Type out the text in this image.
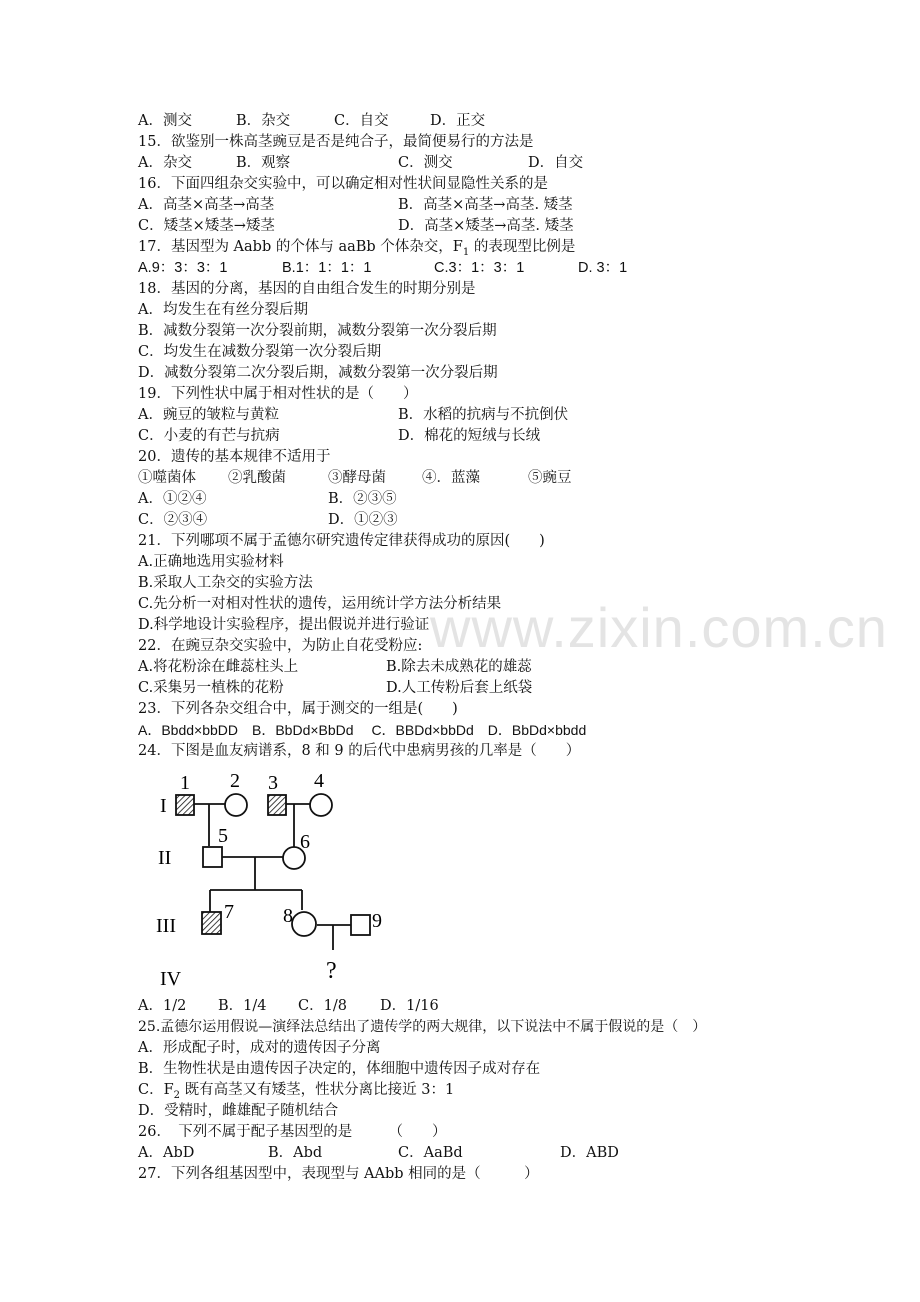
www.zixin.com.cn
A．测交	B．杂交	C．自交	D．正交
15．欲鉴别一株高茎豌豆是否是纯合子，最简便易行的方法是
A．杂交	B．观察	C．测交	D．自交
16．下面四组杂交实验中，可以确定相对性状间显隐性关系的是
A．高茎×高茎→高茎	B．高茎×高茎→高茎. 矮茎
C．矮茎×矮茎→矮茎	D．高茎×矮茎→高茎. 矮茎
17．基因型为 Aabb 的个体与 aaBb 个体杂交，$F_1$ 的表现型比例是
A.9：3：3：1	B.1：1：1：1	C.3：1：3：1	D. 3：1
18．基因的分离，基因的自由组合发生的时期分别是
A．均发生在有丝分裂后期
B．减数分裂第一次分裂前期，减数分裂第一次分裂后期
C．均发生在减数分裂第一次分裂后期
D．减数分裂第二次分裂后期，减数分裂第一次分裂后期
19．下列性状中属于相对性状的是（　　）
A．豌豆的皱粒与黄粒	B．水稻的抗病与不抗倒伏
C．小麦的有芒与抗病	D．棉花的短绒与长绒
20．遗传的基本规律不适用于
①噬菌体 ②乳酸菌	③酵母菌 ④．蓝藻	⑤豌豆
A．①②④	B．②③⑤
C．②③④	D．①②③
21．下列哪项不属于孟德尔研究遗传定律获得成功的原因(　　)
A.正确地选用实验材料
B.采取人工杂交的实验方法
C.先分析一对相对性状的遗传，运用统计学方法分析结果
D.科学地设计实验程序，提出假说并进行验证
22．在豌豆杂交实验中，为防止自花受粉应:
A.将花粉涂在雌蕊柱头上	B.除去未成熟花的雄蕊
C.采集另一植株的花粉	D.人工传粉后套上纸袋
23．下列各杂交组合中，属于测交的一组是(　　)
A．Bbdd×bbDD　B．BbDd×BbDd　 C．BBDd×bbDd　D．BbDd×bbdd
24．下图是血友病谱系，8 和 9 的后代中患病男孩的几率是（　　）
I
II
III
IV
1 2 3 4
5	6
7 8	9
?
A．1/2 B．1/4 C．1/8 D．1/16
25.孟德尔运用假说—演绎法总结出了遗传学的两大规律，以下说法中不属于假说的是（　）
A．形成配子时，成对的遗传因子分离
B．生物性状是由遗传因子决定的，体细胞中遗传因子成对存在
C．$F_2$ 既有高茎又有矮茎，性状分离比接近 3：1
D．受精时，雌雄配子随机结合
26．　下列不属于配子基因型的是　　　（　　）
A．AbD	B．Abd	C．AaBd	D．ABD
27．下列各组基因型中，表现型与 AAbb 相同的是（　　　）
